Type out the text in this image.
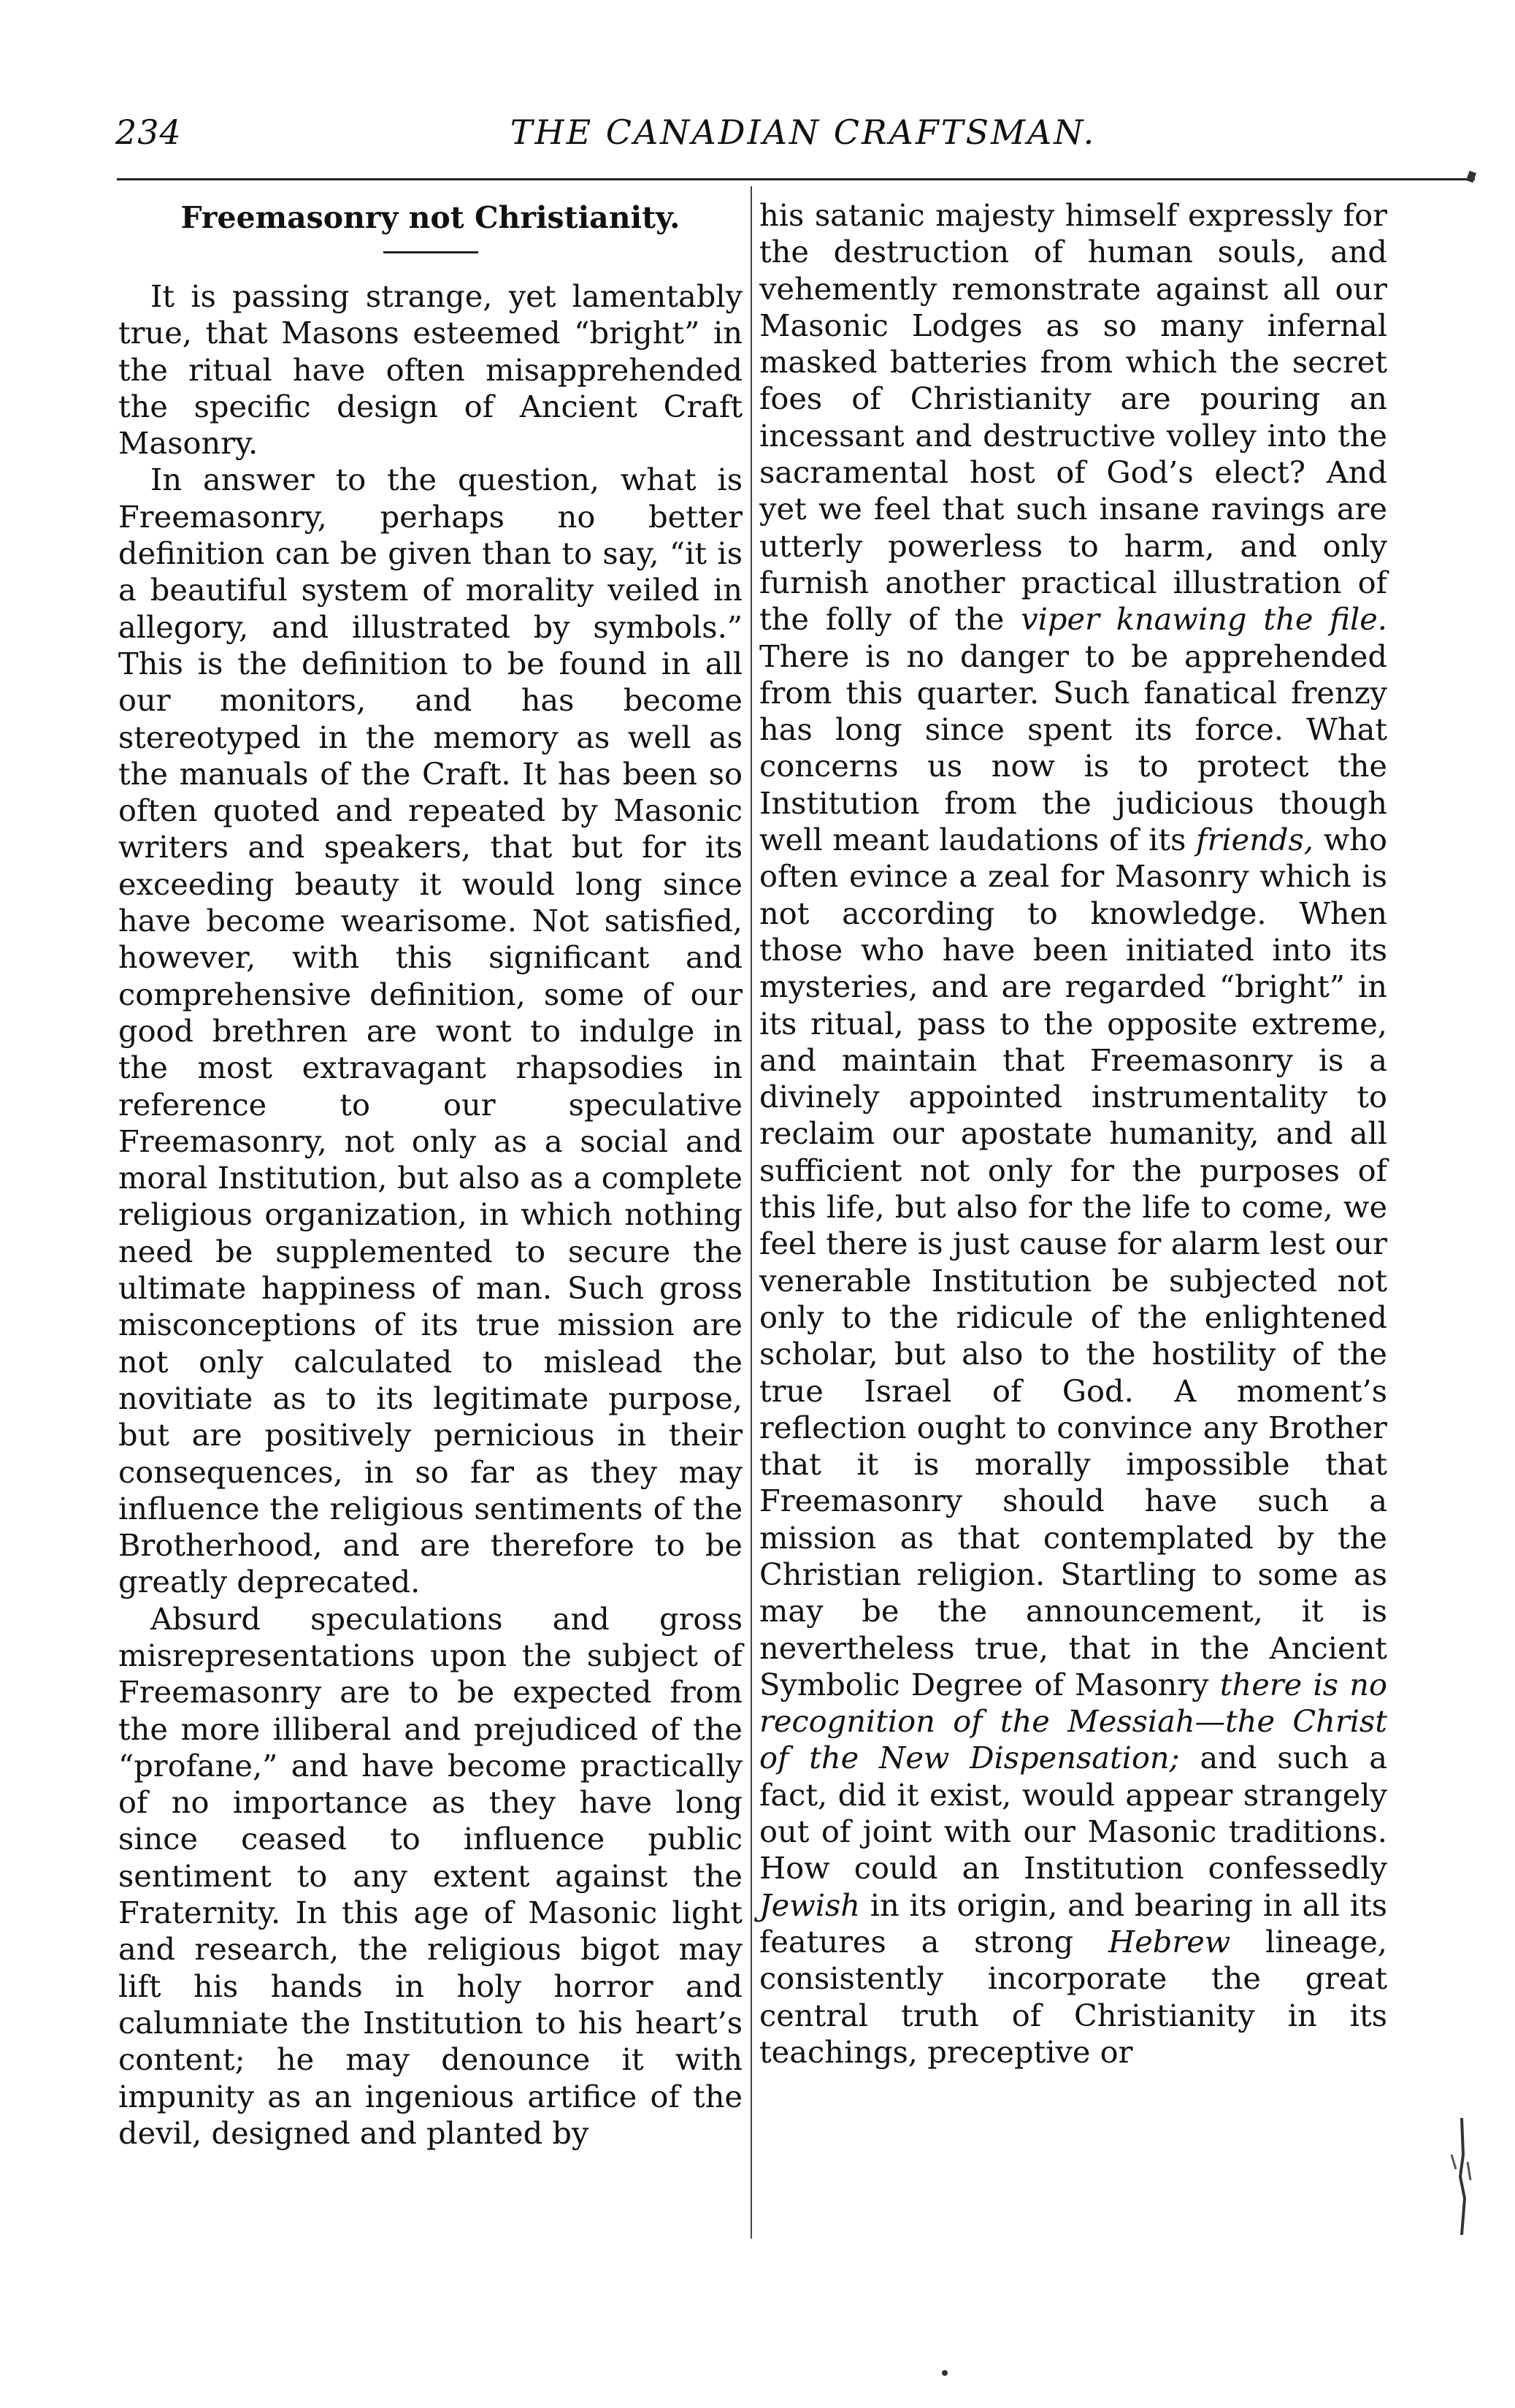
234	THE CANADIAN CRAFTSMAN.
Freemasonry not Christianity.

It is passing strange, yet lamentably true, that Masons esteemed “bright” in the ritual have often misapprehended the specific design of Ancient Craft Masonry.

In answer to the question, what is Freemasonry, perhaps no better definition can be given than to say, “it is a beautiful system of morality veiled in allegory, and illustrated by symbols.” This is the definition to be found in all our monitors, and has become stereotyped in the memory as well as the manuals of the Craft. It has been so often quoted and repeated by Masonic writers and speakers, that but for its exceeding beauty it would long since have become wearisome. Not satisfied, however, with this significant and comprehensive definition, some of our good brethren are wont to indulge in the most extravagant rhapsodies in reference to our speculative Freemasonry, not only as a social and moral Institution, but also as a complete religious organization, in which nothing need be supplemented to secure the ultimate happiness of man. Such gross misconceptions of its true mission are not only calculated to mislead the novitiate as to its legitimate purpose, but are positively pernicious in their consequences, in so far as they may influence the religious sentiments of the Brotherhood, and are therefore to be greatly deprecated.

Absurd speculations and gross misrepresentations upon the subject of Freemasonry are to be expected from the more illiberal and prejudiced of the “profane,” and have become practically of no importance as they have long since ceased to influence public sentiment to any extent against the Fraternity. In this age of Masonic light and research, the religious bigot may lift his hands in holy horror and calumniate the Institution to his heart’s content; he may denounce it with impunity as an ingenious artifice of the devil, designed and planted by

his satanic majesty himself expressly for the destruction of human souls, and vehemently remonstrate against all our Masonic Lodges as so many infernal masked batteries from which the secret foes of Christianity are pouring an incessant and destructive volley into the sacramental host of God’s elect? And yet we feel that such insane ravings are utterly powerless to harm, and only furnish another practical illustration of the folly of the viper knawing the file. There is no danger to be apprehended from this quarter. Such fanatical frenzy has long since spent its force. What concerns us now is to protect the Institution from the judicious though well meant laudations of its friends, who often evince a zeal for Masonry which is not according to knowledge. When those who have been initiated into its mysteries, and are regarded “bright” in its ritual, pass to the opposite extreme, and maintain that Freemasonry is a divinely appointed instrumentality to reclaim our apostate humanity, and all sufficient not only for the purposes of this life, but also for the life to come, we feel there is just cause for alarm lest our venerable Institution be subjected not only to the ridicule of the enlightened scholar, but also to the hostility of the true Israel of God. A moment’s reflection ought to convince any Brother that it is morally impossible that Freemasonry should have such a mission as that contemplated by the Christian religion. Startling to some as may be the announcement, it is nevertheless true, that in the Ancient Symbolic Degree of Masonry there is no recognition of the Messiah—the Christ of the New Dispensation; and such a fact, did it exist, would appear strangely out of joint with our Masonic traditions. How could an Institution confessedly Jewish in its origin, and bearing in all its features a strong Hebrew lineage, consistently incorporate the great central truth of Christianity in its teachings, preceptive or
